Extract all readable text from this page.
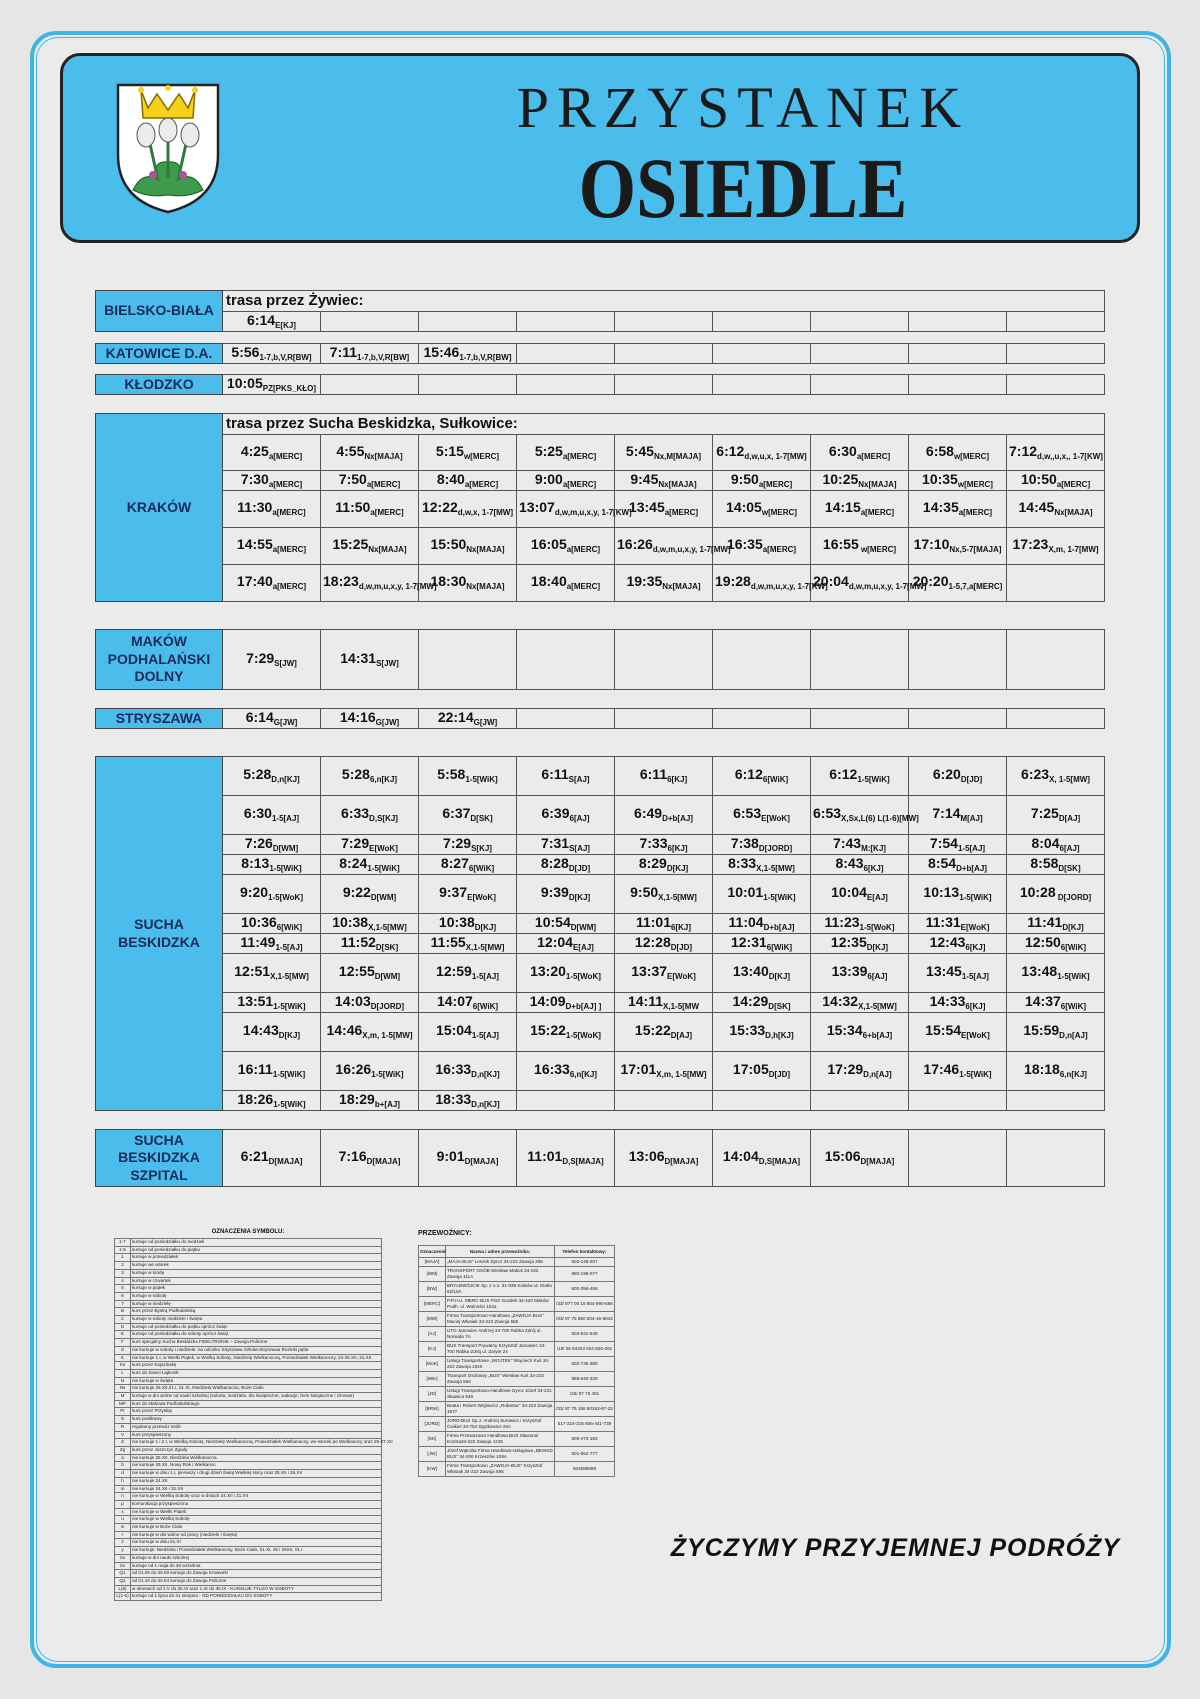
PRZYSTANEK
OSIEDLE
BIELSKO-BIAŁA	trasa przez Żywiec:								
	$6:14_{E[KJ]}$								
KATOWICE D.A.	$5:56_{1-7,b,V,R[BW]}$	$7:11_{1-7,b,V,R[BW]}$	$15:46_{1-7,b,V,R[BW]}$						
KŁODZKO	$10:05_{PZ[PKS\_KŁO]}$								
KRAKÓW	trasa przez Sucha Beskidzka, Sułkowice:								
	$4:25_{a[MERC]}$	$4:55_{Nx[MAJA]}$	$5:15_{w[MERC]}$	$5:25_{a[MERC]}$	$5:45_{Nx,M[MAJA]}$	$6:12_{d,w,u,x, 1-7[MW]}$	$6:30_{a[MERC]}$	$6:58_{w[MERC]}$	$7:12_{d,w,,u,x,, 1-7[KW]}$
	$7:30_{a[MERC]}$	$7:50_{a[MERC]}$	$8:40_{a[MERC]}$	$9:00_{a[MERC]}$	$9:45_{Nx[MAJA]}$	$9:50_{a[MERC]}$	$10:25_{Nx[MAJA]}$	$10:35_{w[MERC]}$	$10:50_{a[MERC]}$
	$11:30_{a[MERC]}$	$11:50_{a[MERC]}$	$12:22_{d,w,x, 1-7[MW]}$	$13:07_{d,w,m,u,x,y, 1-7[KW]}$	$13:45_{a[MERC]}$	$14:05_{w[MERC]}$	$14:15_{a[MERC]}$	$14:35_{a[MERC]}$	$14:45_{Nx[MAJA]}$
	$14:55_{a[MERC]}$	$15:25_{Nx[MAJA]}$	$15:50_{Nx[MAJA]}$	$16:05_{a[MERC]}$	$16:26_{d,w,m,u,x,y, 1-7[MW]}$	$16:35_{a[MERC]}$	16:55 $_{w[MERC]}$	$17:10_{Nx,5-7[MAJA]}$	$17:23_{X,m, 1-7[MW]}$
	$17:40_{a[MERC]}$	$18:23_{d,w,m,u,x,y, 1-7[MW]}$	$18:30_{Nx[MAJA]}$	$18:40_{a[MERC]}$	$19:35_{Nx[MAJA]}$	$19:28_{d,w,m,u,x,y, 1-7[KW]}$	$20:04_{d,w,m,u,x,y, 1-7[MW]}$	$20:20_{1-5,7,a[MERC]}$	
MAKÓW PODHALAŃSKI DOLNY	$7:29_{S[JW]}$	$14:31_{S[JW]}$							
STRYSZAWA	$6:14_{G[JW]}$	$14:16_{G[JW]}$	$22:14_{G[JW]}$						
SUCHA BESKIDZKA	$5:28_{D,n[KJ]}$	$5:28_{6,n[KJ]}$	$5:58_{1-5[WiK]}$	$6:11_{S[AJ]}$	$6:11_{6[KJ]}$	$6:12_{6[WiK]}$	$6:12_{1-5[WiK]}$	$6:20_{D[JD]}$	$6:23_{X, 1-5[MW]}$
	$6:30_{1-5[AJ]}$	$6:33_{D,S[KJ]}$	$6:37_{D[SK]}$	$6:39_{6[AJ]}$	$6:49_{D+b[AJ]}$	$6:53_{E[WoK]}$	$6:53_{X,Sx,L(6) L(1-6)[MW]}$	$7:14_{M[AJ]}$	$7:25_{D[AJ]}$
	$7:26_{D[WM]}$	$7:29_{E[WoK]}$	$7:29_{S[KJ]}$	$7:31_{S[AJ]}$	$7:33_{6[KJ]}$	$7:38_{D[JORD]}$	$7:43_{M:[KJ]}$	$7:54_{1-5[AJ]}$	$8:04_{6[AJ]}$
	$8:13_{1-5[WiK]}$	$8:24_{1-5[WiK]}$	$8:27_{6[WiK]}$	$8:28_{D[JD]}$	$8:29_{D[KJ]}$	$8:33_{X,1-5[MW]}$	$8:43_{6[KJ]}$	$8:54_{D+b[AJ]}$	$8:58_{D[SK]}$
	$9:20_{1-5[WoK]}$	$9:22_{D[WM]}$	$9:37_{E[WoK]}$	$9:39_{D[KJ]}$	$9:50_{X,1-5[MW]}$	$10:01_{1-5[WiK]}$	$10:04_{E[AJ]}$	$10:13_{1-5[WiK]}$	10:28 $_{D[JORD]}$
	$10:36_{6[WiK]}$	$10:38_{X,1-5[MW]}$	$10:38_{D[KJ]}$	$10:54_{D[WM]}$	$11:01_{6[KJ]}$	$11:04_{D+b[AJ]}$	$11:23_{1-5[WoK]}$	$11:31_{E[WoK]}$	$11:41_{D[KJ]}$
	$11:49_{1-5[AJ]}$	$11:52_{D[SK]}$	$11:55_{X,1-5[MW]}$	$12:04_{E[AJ]}$	$12:28_{D[JD]}$	$12:31_{6[WiK]}$	$12:35_{D[KJ]}$	$12:43_{6[KJ]}$	$12:50_{6[WiK]}$
	$12:51_{X,1-5[MW]}$	$12:55_{D[WM]}$	$12:59_{1-5[AJ]}$	$13:20_{1-5[WoK]}$	$13:37_{E[WoK]}$	$13:40_{D[KJ]}$	$13:39_{6[AJ]}$	$13:45_{1-5[AJ]}$	$13:48_{1-5[WiK]}$
	$13:51_{1-5[WiK]}$	$14:03_{D[JORD]}$	$14:07_{6[WiK]}$	$14:09_{D+b[AJ] ]}$	$14:11_{X,1-5[MW}$	$14:29_{D[SK]}$	$14:32_{X,1-5[MW]}$	$14:33_{6[KJ]}$	$14:37_{6[WiK]}$
	$14:43_{D[KJ]}$	$14:46_{X,m, 1-5[MW]}$	$15:04_{1-5[AJ]}$	$15:22_{1-5[WoK]}$	$15:22_{D[AJ]}$	$15:33_{D,h[KJ]}$	$15:34_{6+b[AJ]}$	$15:54_{E[WoK]}$	$15:59_{D,n[AJ]}$
	$16:11_{1-5[WiK]}$	$16:26_{1-5[WiK]}$	$16:33_{D,n[KJ]}$	$16:33_{6,n[KJ]}$	$17:01_{X,m, 1-5[MW]}$	$17:05_{D[JD]}$	$17:29_{D,n[AJ]}$	$17:46_{1-5[WiK]}$	$18:18_{6,n[KJ]}$
	$18:26_{1-5[WiK]}$	$18:29_{b+[AJ]}$	$18:33_{D,n[KJ]}$						
SUCHA BESKIDZKA SZPITAL	$6:21_{D[MAJA]}$	$7:16_{D[MAJA]}$	$9:01_{D[MAJA]}$	$11:01_{D,S[MAJA]}$	$13:06_{D[MAJA]}$	$14:04_{D,S[MAJA]}$	$15:06_{D[MAJA]}$		
OZNACZENIA SYMBOLU:
1-7	kursuje od poniedziałku do niedzieli
1-5	kursuje od poniedziałku do piątku
1	kursuje w poniedziałek
2	kursuje we wtorek
3	kursuje w środę
4	kursuje w czwartek
5	kursuje w piątek
6	kursuje w sobotę
7	kursuje w niedzielę
B	kurs przez Bystrą Podhalańską
C	kursuje w soboty niedziele i święta
D	kursuje od poniedziałku do piątku oprócz świąt
E	kursuje od poniedziałku do soboty oprócz świąt
F	kurs specjalny Sucha Beskidzka FIDELTRONIK – Zawoja Policzne
G	nie kursuje w soboty i niedziele: na odcinku Stryszawa Szkoła-Stryszawa Roztoki pętla
K	nie kursuje 1.I, w Wielki Piątek, w Wielką Sobotę, Niedzielę Wielkanocną, Poniedziałek Wielkanocny, 24-26.XII, 31.XII
Ks	kurs przez Kojszówkę
L	kurs do Zawoi Lajkonik
N	nie kursuje w święta
Ns	nie kursuje 25.XII,01.I, 01.XI, Niedziela Wielkanocna, Boże Ciało
M	kursuje w dni wolne od nauki szkolnej (sobota, niedziela, dni świąteczne, wakacje, ferie świąteczne i zimowe)
MP	kurs do Makowa Podhalańskiego
Pr	kurs przez Przysłop
S	kurs posiłkowy
R	regularny przewóz osób
V	kurs przyspieszony
Z	nie kursuje 1 i 2.I, w Wielką Sobotę, Niedzielę Wielkanocną, Poniedziałek Wielkanocny, we wtorek po Wielkanocy oraz 25-27.XII
Zg	kurs przez Juszczyn Zgudy
a	nie kursuje 25.XII, Niedziela Wielkanocna
b	nie kursuje 25.XII, Nowy Rok i Wielkanoc
d	nie kursuje w dniu 1.I, pierwszy i drugi dzień Świąt Wielkiej Nocy oraz 25.XII i 26.XII
h	nie kursuje 24.XII
m	nie kursuje 24.XII i 31.XII
n	nie kursuje w Wielką Sobotę oraz w dniach 24.XII i 31.XII
p	komunikacja przyspieszona
x	nie kursuje w Wielki Piątek
u	nie kursuje w Wielką Sobotę
w	nie kursuje w Boże Ciało
+	nie kursuje w dni wolne od pracy (niedziele i święta)
z	nie kursuje w dniu 01.XI
y	nie kursuje: Niedziela i Poniedziałek Wielkanocny, Boże Ciało, 01.XI, 25 i 26XII, 01.I
Sx	kursuje w dni nauki szkolnej
5x	kursuje od 1 maja do 30 września
Q1	od 01.05 do 30.09 kursuje do Zawoja Krowiarki
Q2	od 01.10 do 30.04 kursuje do Zawoja Policzne
L(6)	w okresach od 1.V do 30.VI oraz 1.IX do 30.IX - KURSUJE TYLKO W SOBOTY
L(1-6)	kursuje od 1 lipca do 31 sierpnia - OD PONIEDZIAŁKU DO SOBOTY
PRZEWOŹNICY:
Oznaczenie:	Nazwa i adres przewoźnika:	Telefon kontaktowy:
[MAJA]	„MAJA-BUS" Leszek Dyrcz 34-222 Zawoja 306	502-146-207
[WM]	TRANSPORT OSÓB Wiesław Makoś 34-222 Zawoja 111A	880-196-077
[BW]	BRYLBWÓJCIK Sp. z o.o. 31-039 Kraków ul. Dietla 62/10A	600-356-458
[MERC]	P.P.H.U. MERC-BUS Piotr Guzdek 34-220 Maków Podh. ul. Wolności 102a	/33/ 877 00 18 604-990-666
[MW]	Firma Transportowo-Handlowa „ZAWOJA BUS" Maciej Włosiak 34-222 Zawoja 556	/33/ 87 75 850 604-16-8042
[AJ]	UTO Janowiec Andrzej 34-700 Rabka Zdrój ul. Norwida 7A	604-531-648
[KJ]	BUS Transport Prywatny Krzysztof Janowiec 34-700 Rabka Zdrój ul. Zaryte 24	/18/ 26 84203 604-530-261
[WoK]	Usługi Transportowe „WOJTEK" Wojciech Kuś 34-222 Zawoja 1940	602-735-380
[WiK]	Transport Osobowy „BUS" Wiesław Kuś 34-222 Zawoja 556	888-840-339
[JD]	Usługi Transportowo-Handlowe Dyrcz Józef 34-221 Skawica 548	/33/ 87 75 461
[BRW]	Beata i Robert Wojtowicz „Robertur" 34-222 Zawoja 1877	/33/ 87 75 186 50163-87-22
[JORD]	JORD-BUS Sp.J. Andrzej Surowiec i Krzysztof Ćwikiel 34-754 Spytkowice 25A	517-224-315 606-441-739
[SK]	Firma Przewozowo Handlowa BUS Sławomir Kozina34-222 Zawoja 1225	600-473-193
[JW]	Józef Wątroba Firma Handlowo-Usługowa „BESKID BUS" 34-206 Krzeszów 109A	601-662-777
[KW]	Firma Transportowo „ZAWOJA-BUS" Krzysztof Włosiak 34-222 Zawoja 556	604689589
ŻYCZYMY PRZYJEMNEJ PODRÓŻY
